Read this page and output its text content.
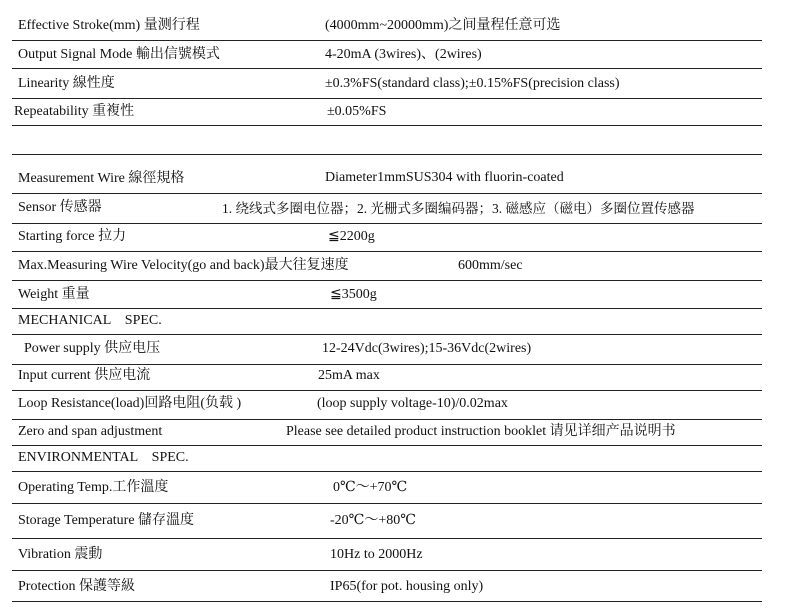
Effective Stroke(mm) 量测行程	(4000mm~20000mm)之间量程任意可选
Output Signal Mode 輸出信號模式	4-20mA (3wires)、(2wires)
Linearity 線性度	±0.3%FS(standard class);±0.15%FS(precision class)
Repeatability 重複性	±0.05%FS
Measurement Wire 線徑規格	Diameter1mmSUS304 with fluorin-coated
Sensor 传感器	1. 绕线式多圈电位器；2. 光栅式多圈编码器；3. 磁感应（磁电）多圈位置传感器
Starting force 拉力	≦2200g
Max.Measuring Wire Velocity(go and back)最大往复速度	600mm/sec
Weight 重量	≦3500g
MECHANICAL    SPEC.
Power supply 供应电压	12-24Vdc(3wires);15-36Vdc(2wires)
Input current 供应电流	25mA max
Loop Resistance(load)回路电阻(负载 )	(loop supply voltage-10)/0.02max
Zero and span adjustment	Please see detailed product instruction booklet 请见详细产品说明书
ENVIRONMENTAL    SPEC.
Operating Temp.工作溫度	0℃～+70℃
Storage Temperature 儲存溫度	-20℃～+80℃
Vibration 震動	10Hz to 2000Hz
Protection 保護等級	IP65(for pot. housing only)
